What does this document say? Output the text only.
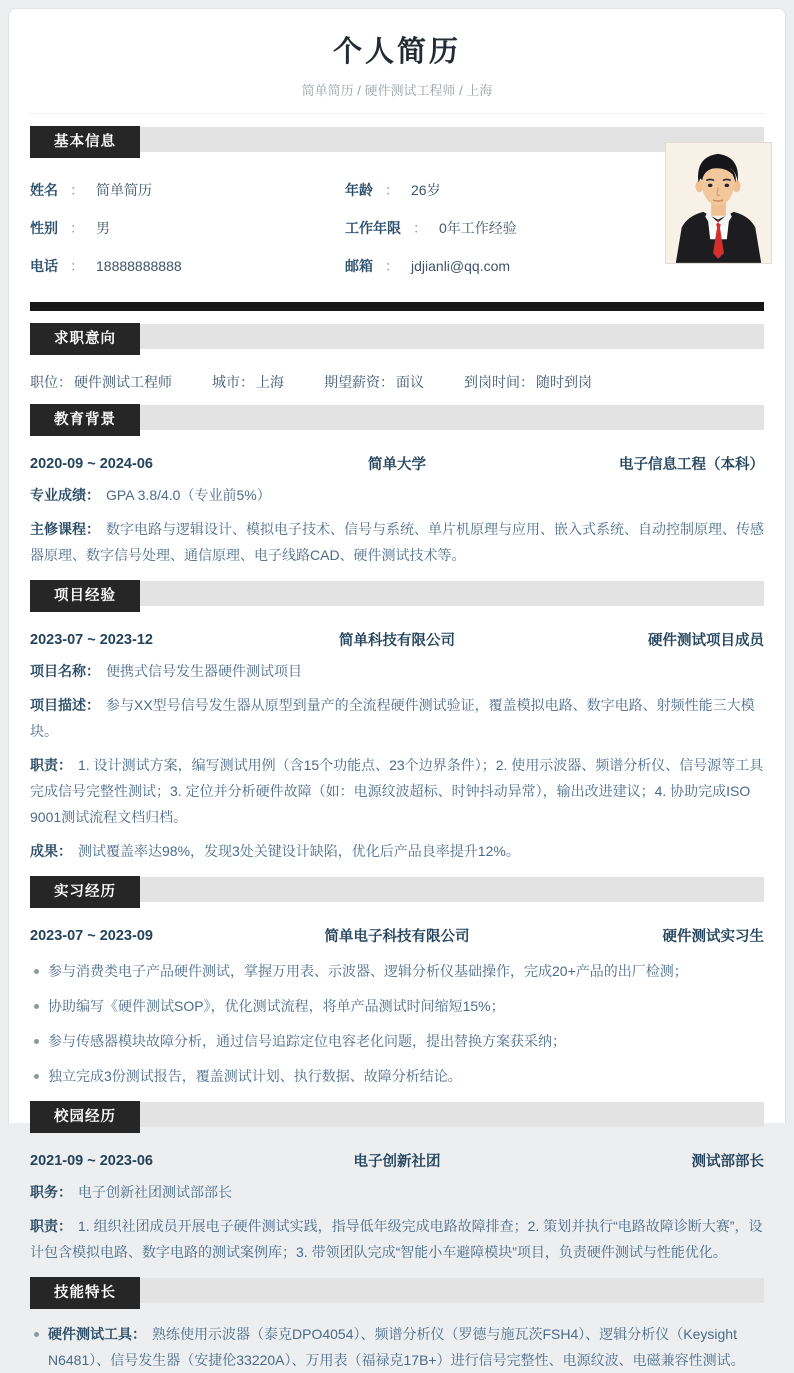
个人简历

简单简历 / 硬件测试工程师 / 上海

基本信息
姓名 ： 简单简历	年龄 ： 26岁
性别 ： 男	工作年限 ： 0年工作经验
电话 ： 18888888888	邮箱 ： jdjianli@qq.com
求职意向
职位： 硬件测试工程师	城市： 上海	期望薪资： 面议	到岗时间： 随时到岗
教育背景
2020-09 ~ 2024-06	简单大学	电子信息工程（本科）

专业成绩： GPA 3.8/4.0（专业前5%）

主修课程： 数字电路与逻辑设计、模拟电子技术、信号与系统、单片机原理与应用、嵌入式系统、自动控制原理、传感器原理、数字信号处理、通信原理、电子线路CAD、硬件测试技术等。

项目经验
2023-07 ~ 2023-12	简单科技有限公司	硬件测试项目成员

项目名称： 便携式信号发生器硬件测试项目

项目描述： 参与XX型号信号发生器从原型到量产的全流程硬件测试验证，覆盖模拟电路、数字电路、射频性能三大模块。

职责： 1. 设计测试方案，编写测试用例（含15个功能点、23个边界条件）；2. 使用示波器、频谱分析仪、信号源等工具完成信号完整性测试；3. 定位并分析硬件故障（如：电源纹波超标、时钟抖动异常），输出改进建议；4. 协助完成ISO 9001测试流程文档归档。

成果： 测试覆盖率达98%，发现3处关键设计缺陷，优化后产品良率提升12%。

实习经历
2023-07 ~ 2023-09	简单电子科技有限公司	硬件测试实习生
参与消费类电子产品硬件测试，掌握万用表、示波器、逻辑分析仪基础操作，完成20+产品的出厂检测；
协助编写《硬件测试SOP》，优化测试流程，将单产品测试时间缩短15%；
参与传感器模块故障分析，通过信号追踪定位电容老化问题，提出替换方案获采纳；
独立完成3份测试报告，覆盖测试计划、执行数据、故障分析结论。
校园经历
2021-09 ~ 2023-06	电子创新社团	测试部部长

职务： 电子创新社团测试部部长

职责： 1. 组织社团成员开展电子硬件测试实践，指导低年级完成电路故障排查；2. 策划并执行“电路故障诊断大赛”，设计包含模拟电路、数字电路的测试案例库；3. 带领团队完成“智能小车避障模块”项目，负责硬件测试与性能优化。

技能特长
硬件测试工具： 熟练使用示波器（泰克DPO4054）、频谱分析仪（罗德与施瓦茨FSH4）、逻辑分析仪（Keysight N6481）、信号发生器（安捷伦33220A）、万用表（福禄克17B+）进行信号完整性、电源纹波、电磁兼容性测试。
